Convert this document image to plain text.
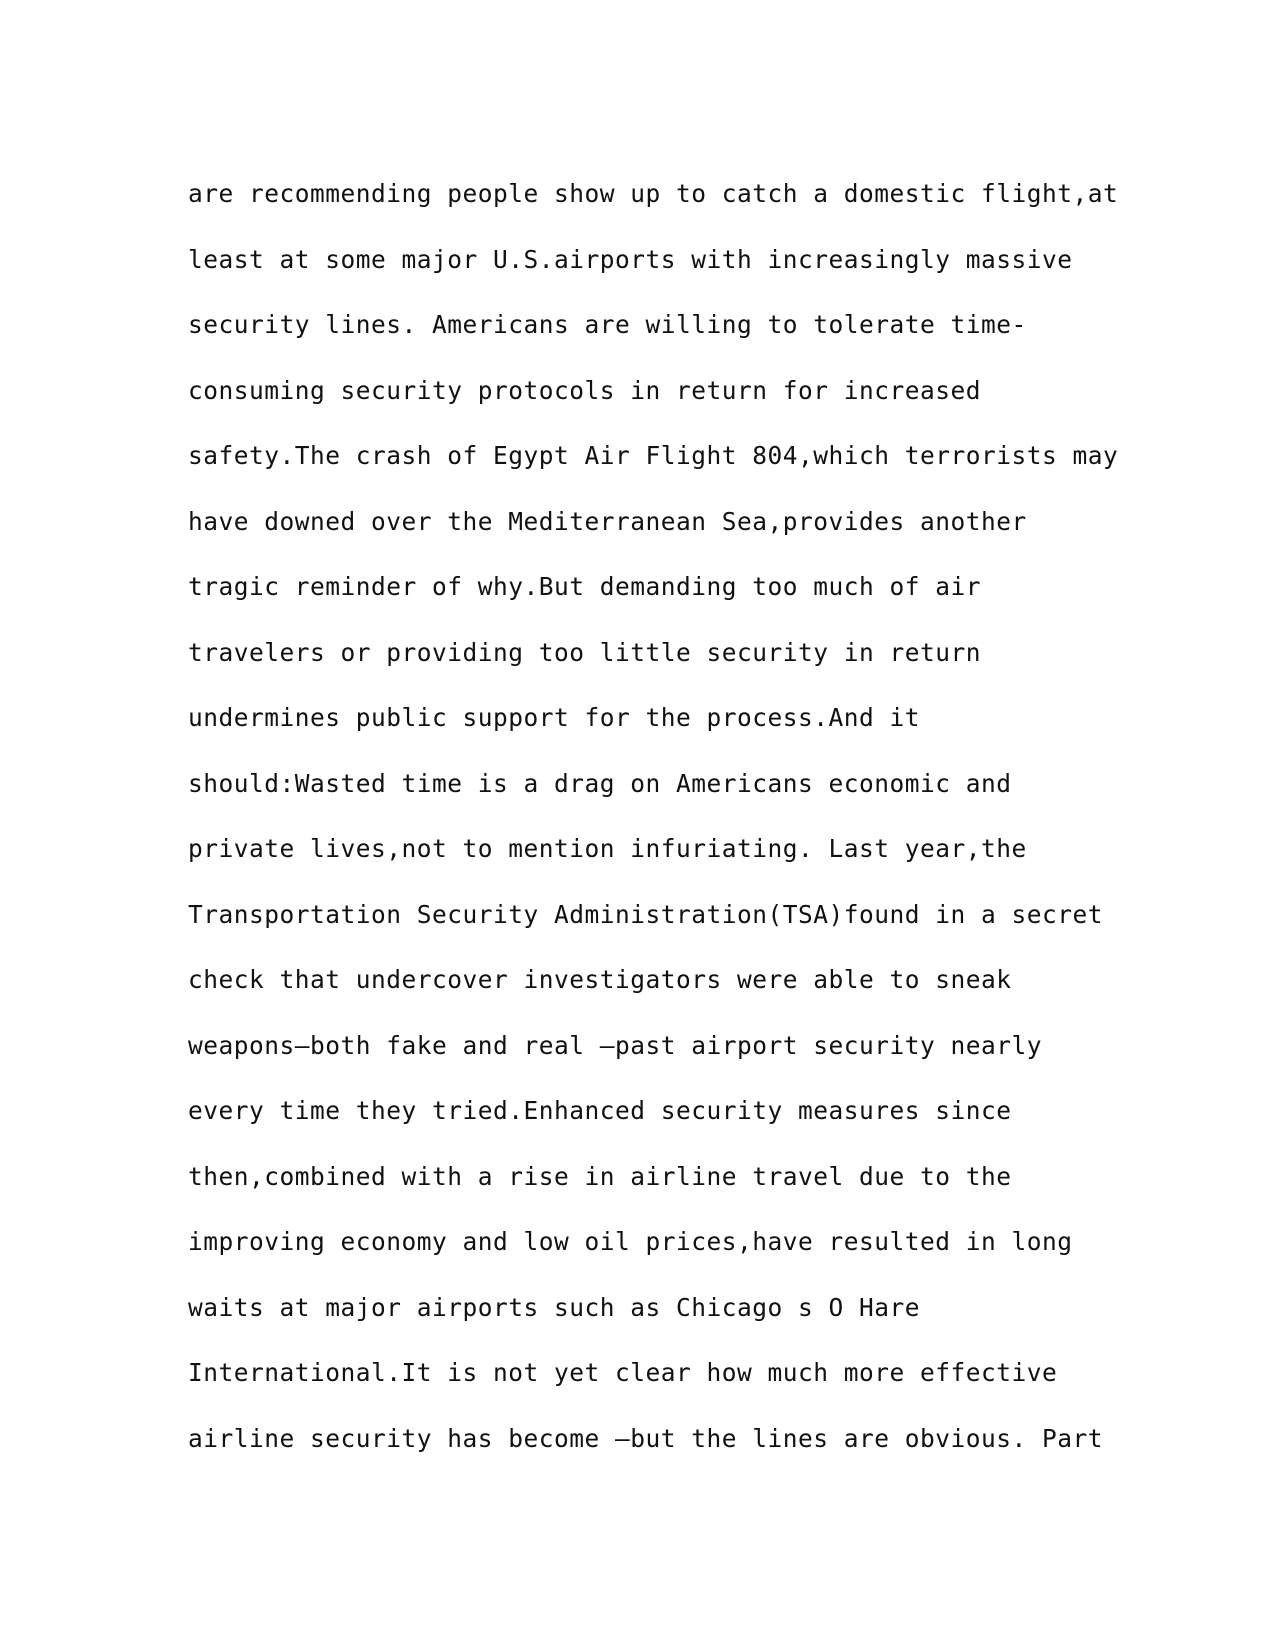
are recommending people show up to catch a domestic flight,at
least at some major U.S.airports with increasingly massive
security lines. Americans are willing to tolerate time-
consuming security protocols in return for increased
safety.The crash of Egypt Air Flight 804,which terrorists may
have downed over the Mediterranean Sea,provides another
tragic reminder of why.But demanding too much of air
travelers or providing too little security in return
undermines public support for the process.And it
should:Wasted time is a drag on Americans economic and
private lives,not to mention infuriating. Last year,the
Transportation Security Administration(TSA)found in a secret
check that undercover investigators were able to sneak
weapons—both fake and real —past airport security nearly
every time they tried.Enhanced security measures since
then,combined with a rise in airline travel due to the
improving economy and low oil prices,have resulted in long
waits at major airports such as Chicago s O Hare
International.It is not yet clear how much more effective
airline security has become —but the lines are obvious. Part
